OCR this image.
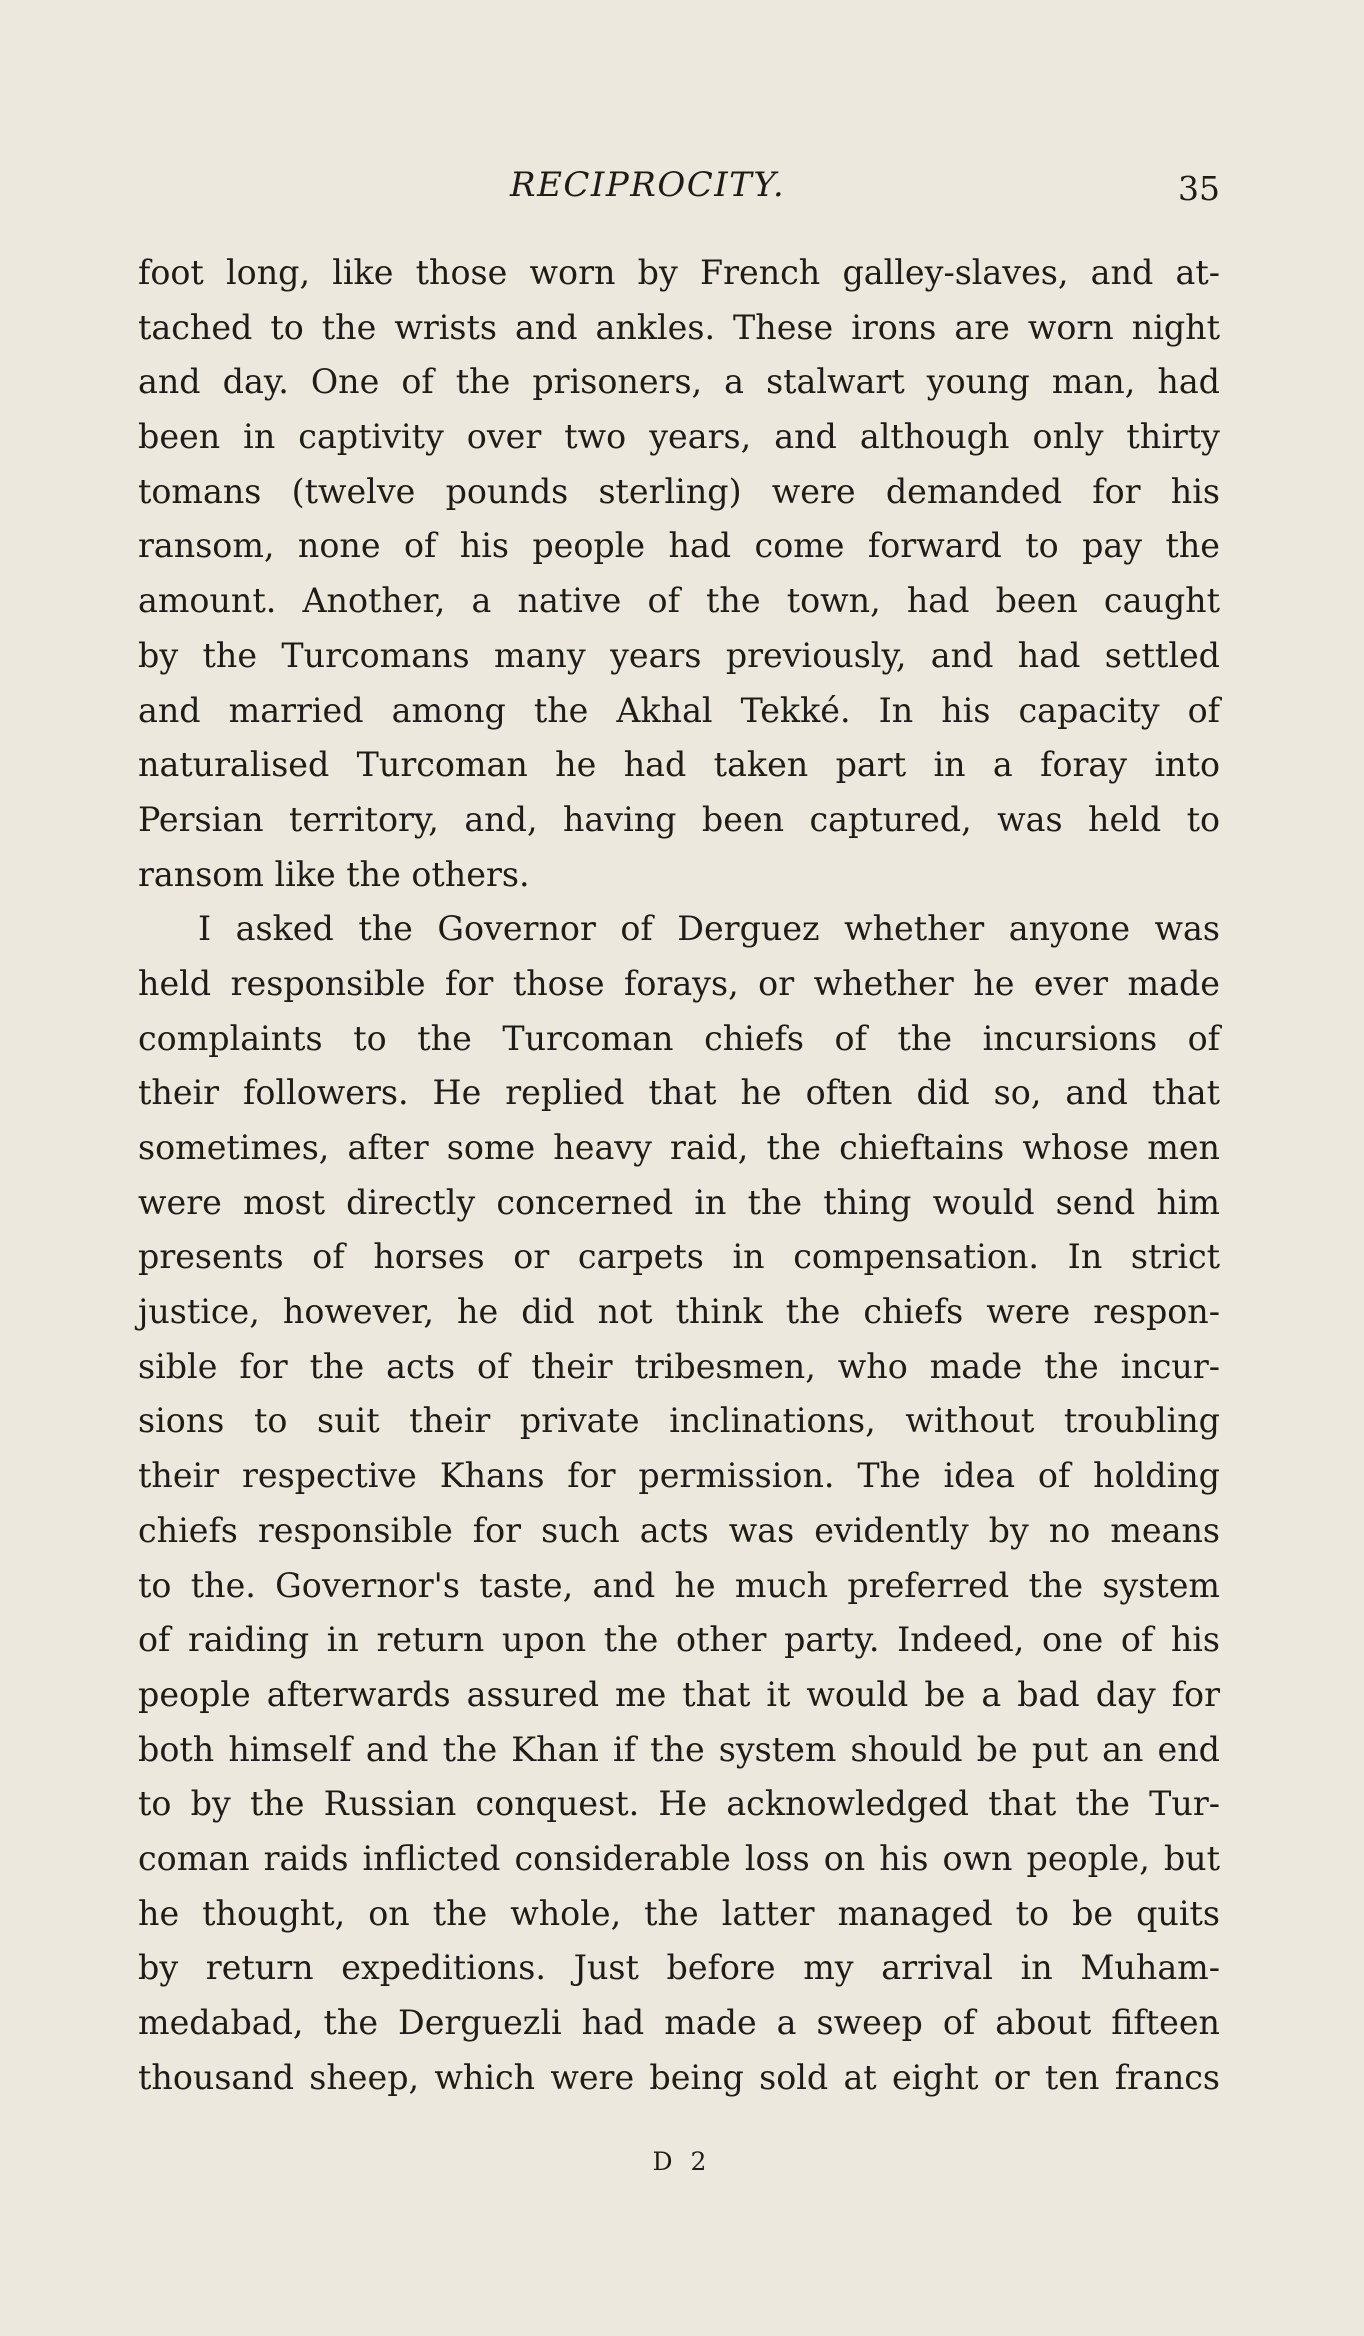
RECIPROCITY.	35
foot long, like those worn by French galley-slaves, and at-
tached to the wrists and ankles. These irons are worn night
and day. One of the prisoners, a stalwart young man, had
been in captivity over two years, and although only thirty
tomans (twelve pounds sterling) were demanded for his
ransom, none of his people had come forward to pay the
amount. Another, a native of the town, had been caught
by the Turcomans many years previously, and had settled
and married among the Akhal Tekké. In his capacity of
naturalised Turcoman he had taken part in a foray into
Persian territory, and, having been captured, was held to
ransom like the others.
I asked the Governor of Derguez whether anyone was
held responsible for those forays, or whether he ever made
complaints to the Turcoman chiefs of the incursions of
their followers. He replied that he often did so, and that
sometimes, after some heavy raid, the chieftains whose men
were most directly concerned in the thing would send him
presents of horses or carpets in compensation. In strict
justice, however, he did not think the chiefs were respon-
sible for the acts of their tribesmen, who made the incur-
sions to suit their private inclinations, without troubling
their respective Khans for permission. The idea of holding
chiefs responsible for such acts was evidently by no means
to the. Governor's taste, and he much preferred the system
of raiding in return upon the other party. Indeed, one of his
people afterwards assured me that it would be a bad day for
both himself and the Khan if the system should be put an end
to by the Russian conquest. He acknowledged that the Tur-
coman raids inflicted considerable loss on his own people, but
he thought, on the whole, the latter managed to be quits
by return expeditions. Just before my arrival in Muham-
medabad, the Derguezli had made a sweep of about fifteen
thousand sheep, which were being sold at eight or ten francs
D 2
